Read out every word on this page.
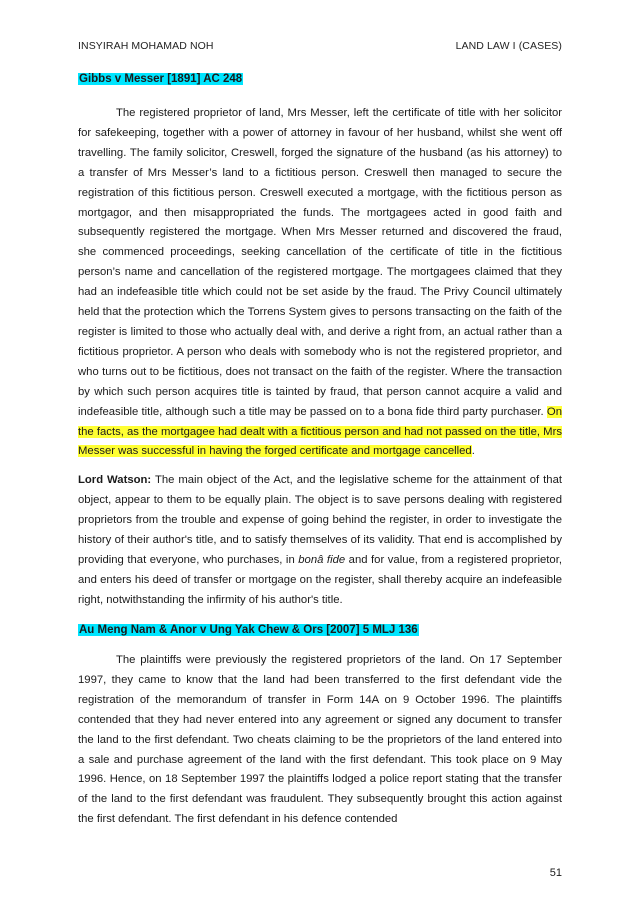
INSYIRAH MOHAMAD NOH	LAND LAW I (CASES)
Gibbs v Messer [1891] AC 248

The registered proprietor of land, Mrs Messer, left the certificate of title with her solicitor for safekeeping, together with a power of attorney in favour of her husband, whilst she went off travelling. The family solicitor, Creswell, forged the signature of the husband (as his attorney) to a transfer of Mrs Messer’s land to a fictitious person. Creswell then managed to secure the registration of this fictitious person. Creswell executed a mortgage, with the fictitious person as mortgagor, and then misappropriated the funds. The mortgagees acted in good faith and subsequently registered the mortgage. When Mrs Messer returned and discovered the fraud, she commenced proceedings, seeking cancellation of the certificate of title in the fictitious person’s name and cancellation of the registered mortgage. The mortgagees claimed that they had an indefeasible title which could not be set aside by the fraud. The Privy Council ultimately held that the protection which the Torrens System gives to persons transacting on the faith of the register is limited to those who actually deal with, and derive a right from, an actual rather than a fictitious proprietor. A person who deals with somebody who is not the registered proprietor, and who turns out to be fictitious, does not transact on the faith of the register. Where the transaction by which such person acquires title is tainted by fraud, that person cannot acquire a valid and indefeasible title, although such a title may be passed on to a bona fide third party purchaser. On the facts, as the mortgagee had dealt with a fictitious person and had not passed on the title, Mrs Messer was successful in having the forged certificate and mortgage cancelled.

Lord Watson: The main object of the Act, and the legislative scheme for the attainment of that object, appear to them to be equally plain. The object is to save persons dealing with registered proprietors from the trouble and expense of going behind the register, in order to investigate the history of their author's title, and to satisfy themselves of its validity. That end is accomplished by providing that everyone, who purchases, in bonâ fide and for value, from a registered proprietor, and enters his deed of transfer or mortgage on the register, shall thereby acquire an indefeasible right, notwithstanding the infirmity of his author's title.

Au Meng Nam & Anor v Ung Yak Chew & Ors [2007] 5 MLJ 136

The plaintiffs were previously the registered proprietors of the land. On 17 September 1997, they came to know that the land had been transferred to the first defendant vide the registration of the memorandum of transfer in Form 14A on 9 October 1996. The plaintiffs contended that they had never entered into any agreement or signed any document to transfer the land to the first defendant. Two cheats claiming to be the proprietors of the land entered into a sale and purchase agreement of the land with the first defendant. This took place on 9 May 1996. Hence, on 18 September 1997 the plaintiffs lodged a police report stating that the transfer of the land to the first defendant was fraudulent. They subsequently brought this action against the first defendant. The first defendant in his defence contended

51
